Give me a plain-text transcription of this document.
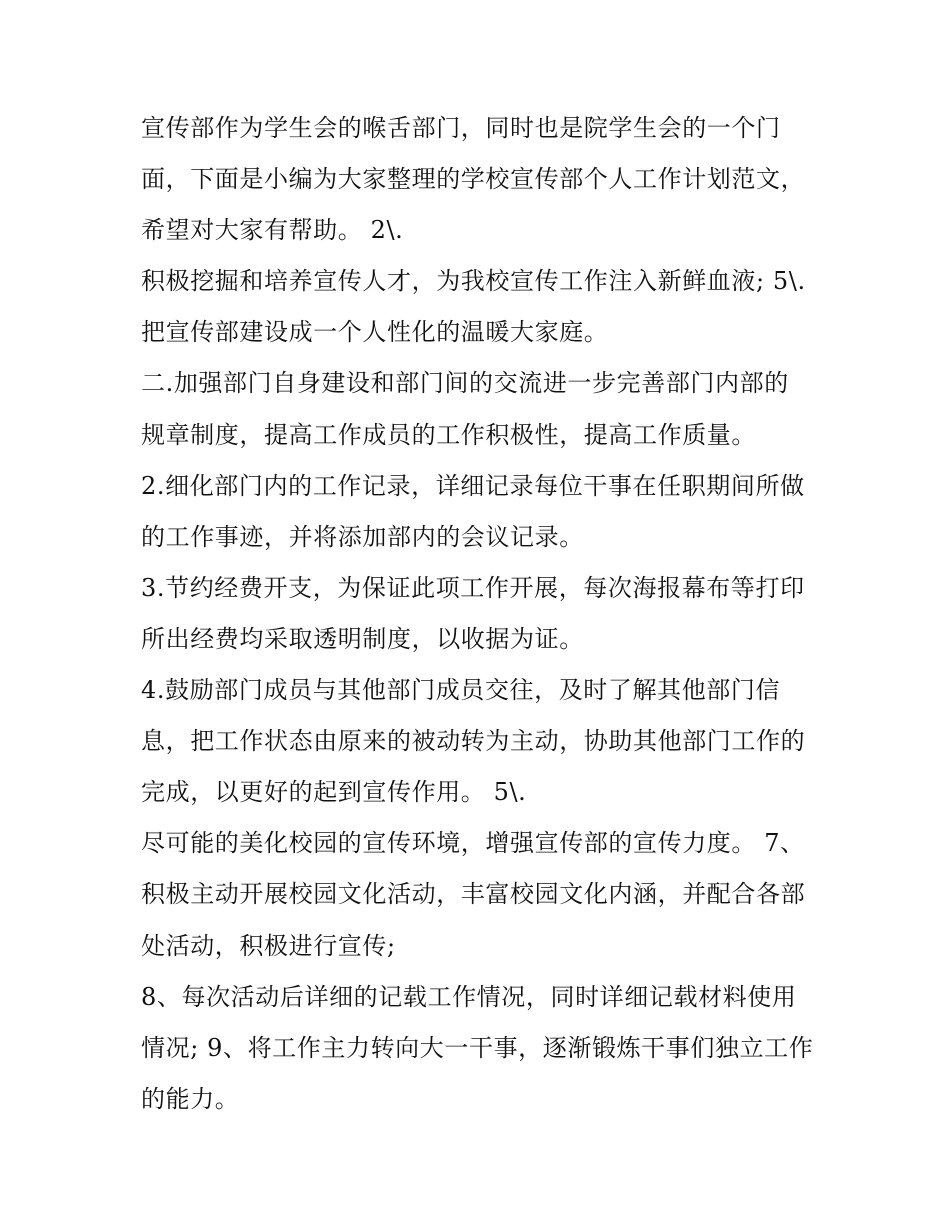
宣传部作为学生会的喉舌部门，同时也是院学生会的一个门
面，下面是小编为大家整理的学校宣传部个人工作计划范文，
希望对大家有帮助。 2\.
积极挖掘和培养宣传人才，为我校宣传工作注入新鲜血液; 5\.
把宣传部建设成一个人性化的温暖大家庭。
二.加强部门自身建设和部门间的交流进一步完善部门内部的
规章制度，提高工作成员的工作积极性，提高工作质量。
2.细化部门内的工作记录，详细记录每位干事在任职期间所做
的工作事迹，并将添加部内的会议记录。
3.节约经费开支，为保证此项工作开展，每次海报幕布等打印
所出经费均采取透明制度，以收据为证。
4.鼓励部门成员与其他部门成员交往，及时了解其他部门信
息，把工作状态由原来的被动转为主动，协助其他部门工作的
完成，以更好的起到宣传作用。 5\.
尽可能的美化校园的宣传环境，增强宣传部的宣传力度。 7、
积极主动开展校园文化活动，丰富校园文化内涵，并配合各部
处活动，积极进行宣传;
8、每次活动后详细的记载工作情况，同时详细记载材料使用
情况; 9、将工作主力转向大一干事，逐渐锻炼干事们独立工作
的能力。
